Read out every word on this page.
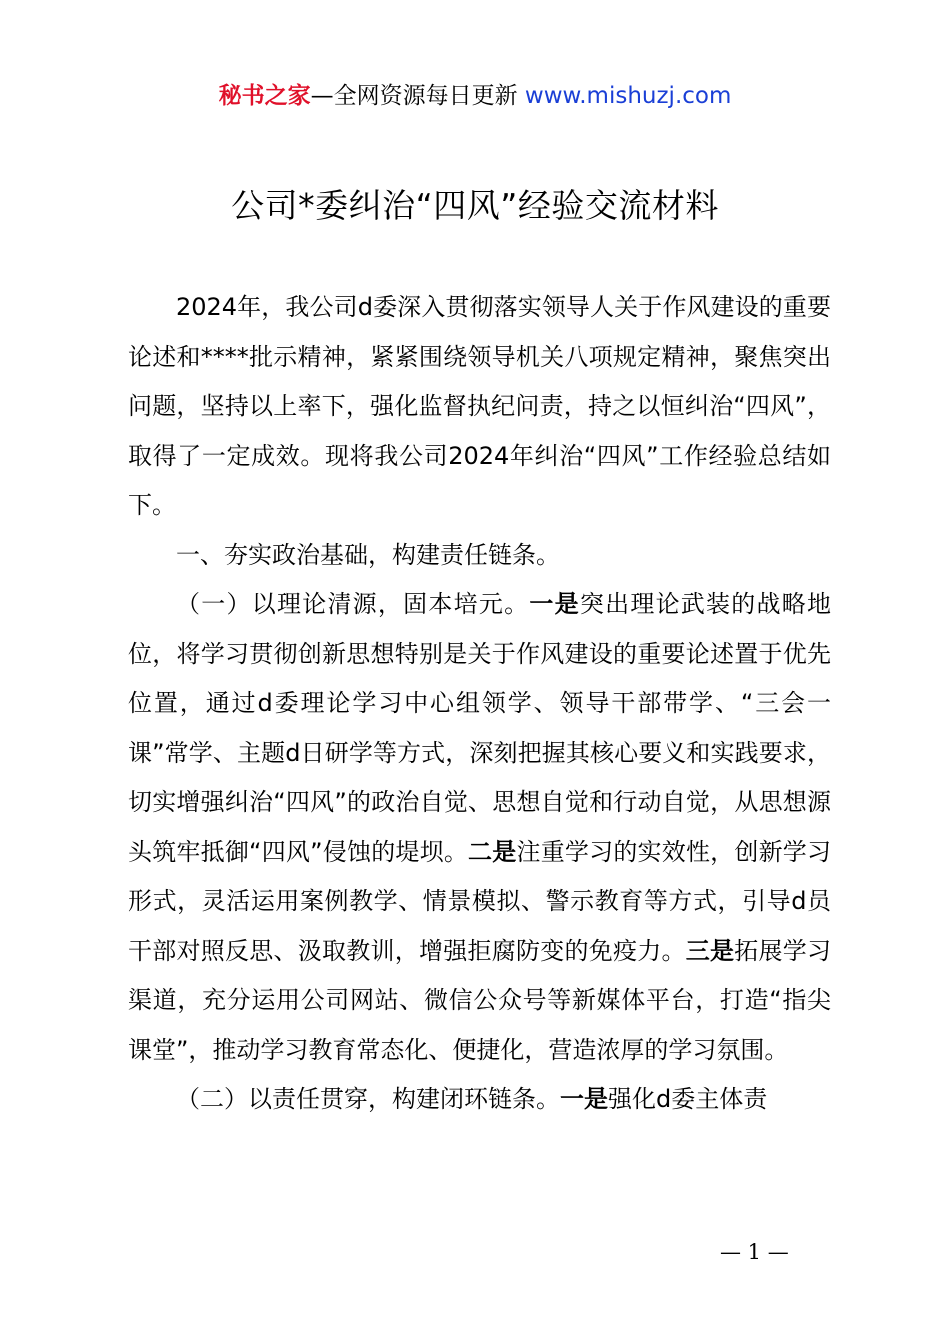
秘书之家—全网资源每日更新 www.mishuzj.com
公司*委纠治“四风”经验交流材料

2024年，我公司d委深入贯彻落实领导人关于作风建设的重要论述和****批示精神，紧紧围绕领导机关八项规定精神，聚焦突出问题，坚持以上率下，强化监督执纪问责，持之以恒纠治“四风”，取得了一定成效。现将我公司2024年纠治“四风”工作经验总结如下。

一、夯实政治基础，构建责任链条。

（一）以理论清源，固本培元。一是突出理论武装的战略地位，将学习贯彻创新思想特别是关于作风建设的重要论述置于优先位置，通过d委理论学习中心组领学、领导干部带学、“三会一课”常学、主题d日研学等方式，深刻把握其核心要义和实践要求，切实增强纠治“四风”的政治自觉、思想自觉和行动自觉，从思想源头筑牢抵御“四风”侵蚀的堤坝。二是注重学习的实效性，创新学习形式，灵活运用案例教学、情景模拟、警示教育等方式，引导d员干部对照反思、汲取教训，增强拒腐防变的免疫力。三是拓展学习渠道，充分运用公司网站、微信公众号等新媒体平台，打造“指尖课堂”，推动学习教育常态化、便捷化，营造浓厚的学习氛围。

（二）以责任贯穿，构建闭环链条。一是强化d委主体责

— 1 —
